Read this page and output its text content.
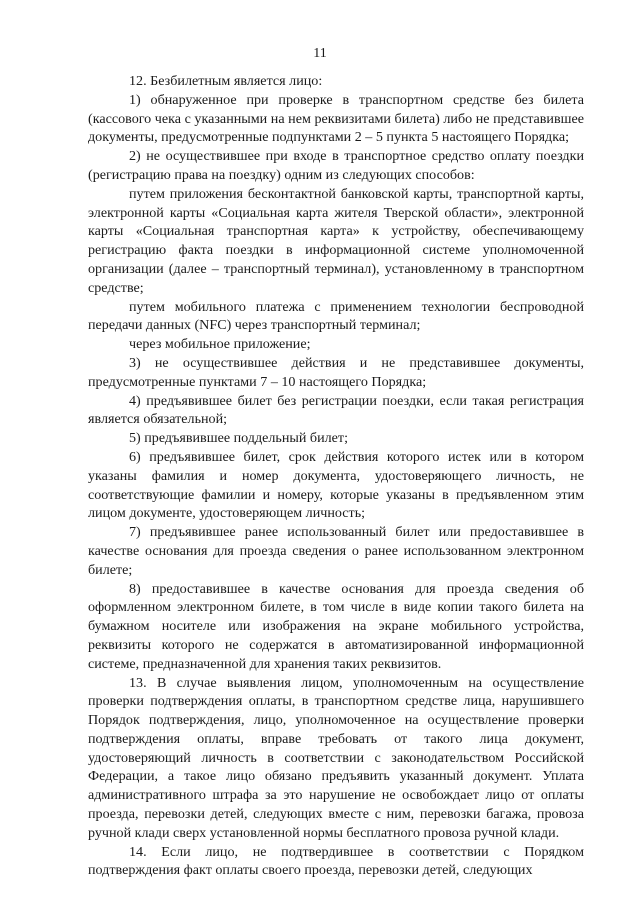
11

12. Безбилетным является лицо:

1) обнаруженное при проверке в транспортном средстве без билета (кассового чека с указанными на нем реквизитами билета) либо не представившее документы, предусмотренные подпунктами 2 – 5 пункта 5 настоящего Порядка;

2) не осуществившее при входе в транспортное средство оплату поездки (регистрацию права на поездку) одним из следующих способов:

путем приложения бесконтактной банковской карты, транспортной карты, электронной карты «Социальная карта жителя Тверской области», электронной карты «Социальная транспортная карта» к устройству, обеспечивающему регистрацию факта поездки в информационной системе уполномоченной организации (далее – транспортный терминал), установленному в транспортном средстве;

путем мобильного платежа с применением технологии беспроводной передачи данных (NFC) через транспортный терминал;

через мобильное приложение;

3) не осуществившее действия и не представившее документы, предусмотренные пунктами 7 – 10 настоящего Порядка;

4) предъявившее билет без регистрации поездки, если такая регистрация является обязательной;

5) предъявившее поддельный билет;

6) предъявившее билет, срок действия которого истек или в котором указаны фамилия и номер документа, удостоверяющего личность, не соответствующие фамилии и номеру, которые указаны в предъявленном этим лицом документе, удостоверяющем личность;

7) предъявившее ранее использованный билет или предоставившее в качестве основания для проезда сведения о ранее использованном электронном билете;

8) предоставившее в качестве основания для проезда сведения об оформленном электронном билете, в том числе в виде копии такого билета на бумажном носителе или изображения на экране мобильного устройства, реквизиты которого не содержатся в автоматизированной информационной системе, предназначенной для хранения таких реквизитов.

13. В случае выявления лицом, уполномоченным на осуществление проверки подтверждения оплаты, в транспортном средстве лица, нарушившего Порядок подтверждения, лицо, уполномоченное на осуществление проверки подтверждения оплаты, вправе требовать от такого лица документ, удостоверяющий личность в соответствии с законодательством Российской Федерации, а такое лицо обязано предъявить указанный документ. Уплата административного штрафа за это нарушение не освобождает лицо от оплаты проезда, перевозки детей, следующих вместе с ним, перевозки багажа, провоза ручной клади сверх установленной нормы бесплатного провоза ручной клади.

14. Если лицо, не подтвердившее в соответствии с Порядком подтверждения факт оплаты своего проезда, перевозки детей, следующих
